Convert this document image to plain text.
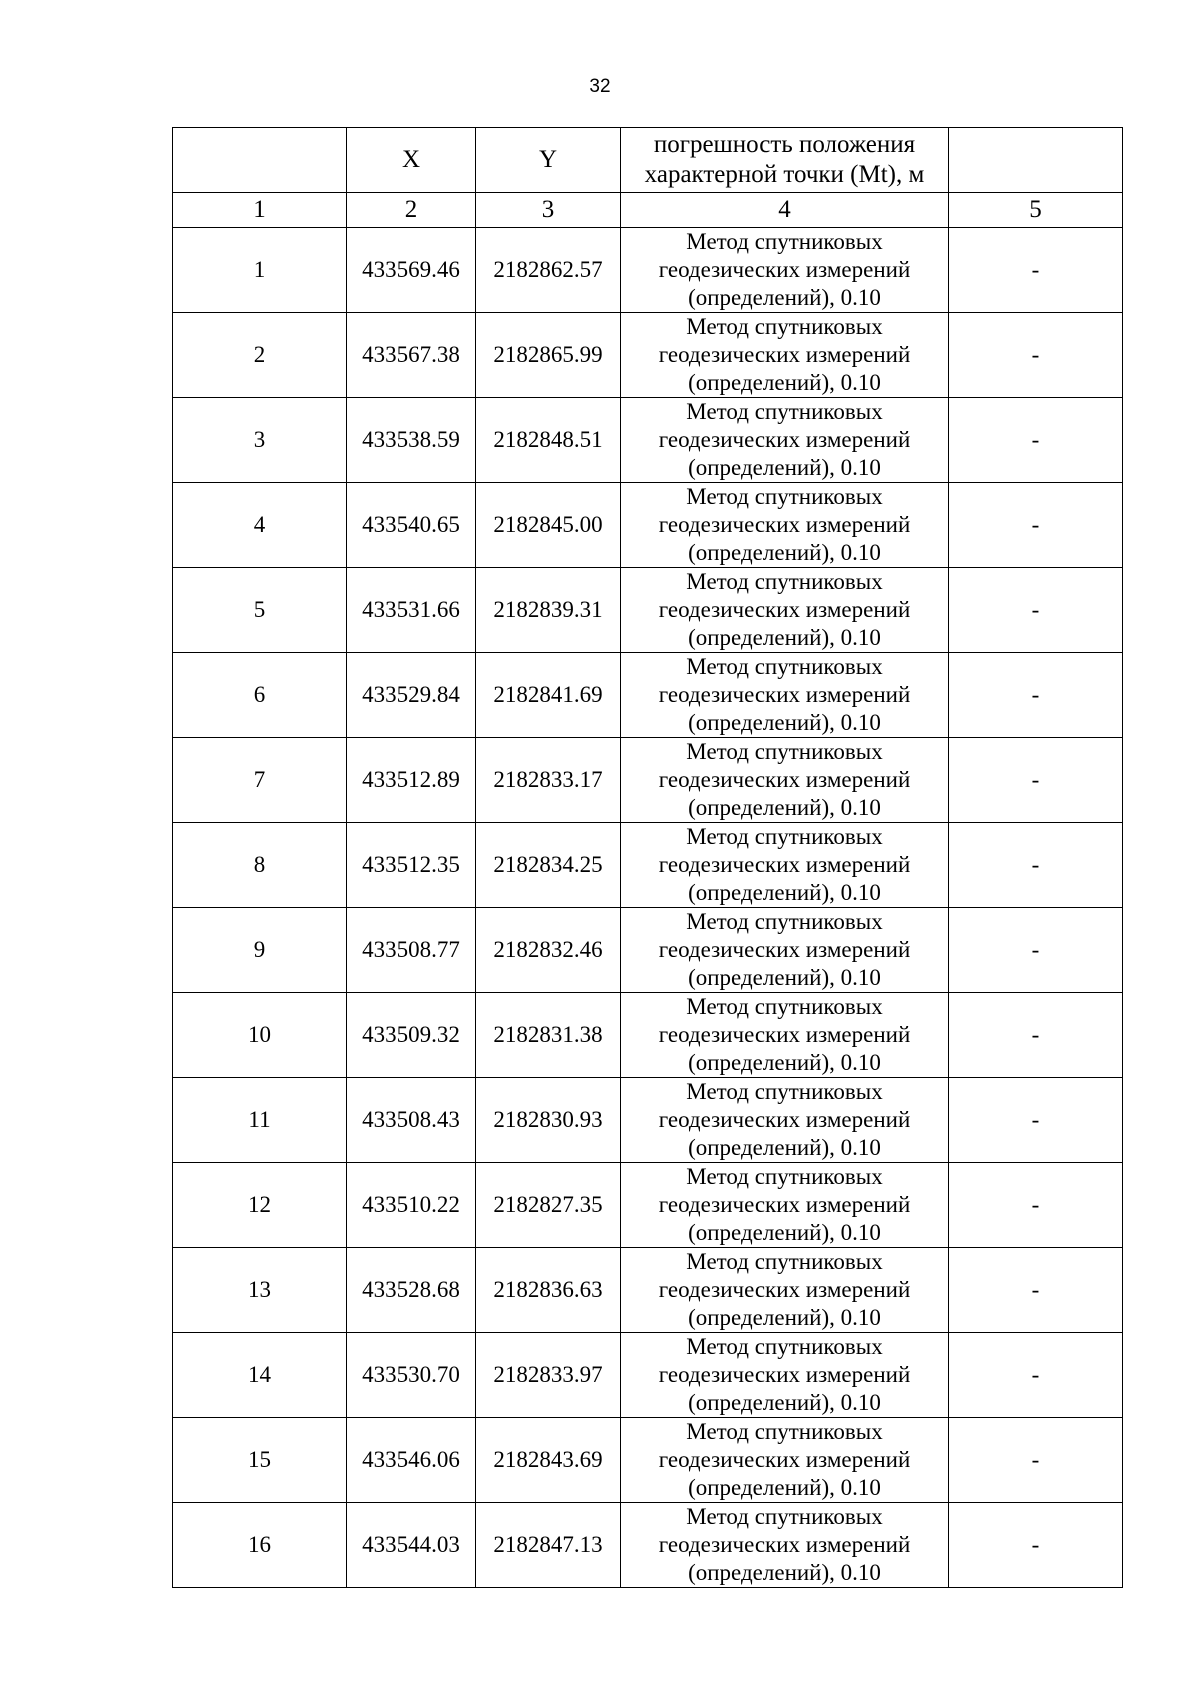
32
	X	Y	погрешность положения характерной точки (Mt), м	
1	2	3	4	5
1	433569.46	2182862.57	Метод спутниковых
геодезических измерений
(определений), 0.10	-
2	433567.38	2182865.99	Метод спутниковых
геодезических измерений
(определений), 0.10	-
3	433538.59	2182848.51	Метод спутниковых
геодезических измерений
(определений), 0.10	-
4	433540.65	2182845.00	Метод спутниковых
геодезических измерений
(определений), 0.10	-
5	433531.66	2182839.31	Метод спутниковых
геодезических измерений
(определений), 0.10	-
6	433529.84	2182841.69	Метод спутниковых
геодезических измерений
(определений), 0.10	-
7	433512.89	2182833.17	Метод спутниковых
геодезических измерений
(определений), 0.10	-
8	433512.35	2182834.25	Метод спутниковых
геодезических измерений
(определений), 0.10	-
9	433508.77	2182832.46	Метод спутниковых
геодезических измерений
(определений), 0.10	-
10	433509.32	2182831.38	Метод спутниковых
геодезических измерений
(определений), 0.10	-
11	433508.43	2182830.93	Метод спутниковых
геодезических измерений
(определений), 0.10	-
12	433510.22	2182827.35	Метод спутниковых
геодезических измерений
(определений), 0.10	-
13	433528.68	2182836.63	Метод спутниковых
геодезических измерений
(определений), 0.10	-
14	433530.70	2182833.97	Метод спутниковых
геодезических измерений
(определений), 0.10	-
15	433546.06	2182843.69	Метод спутниковых
геодезических измерений
(определений), 0.10	-
16	433544.03	2182847.13	Метод спутниковых
геодезических измерений
(определений), 0.10	-
